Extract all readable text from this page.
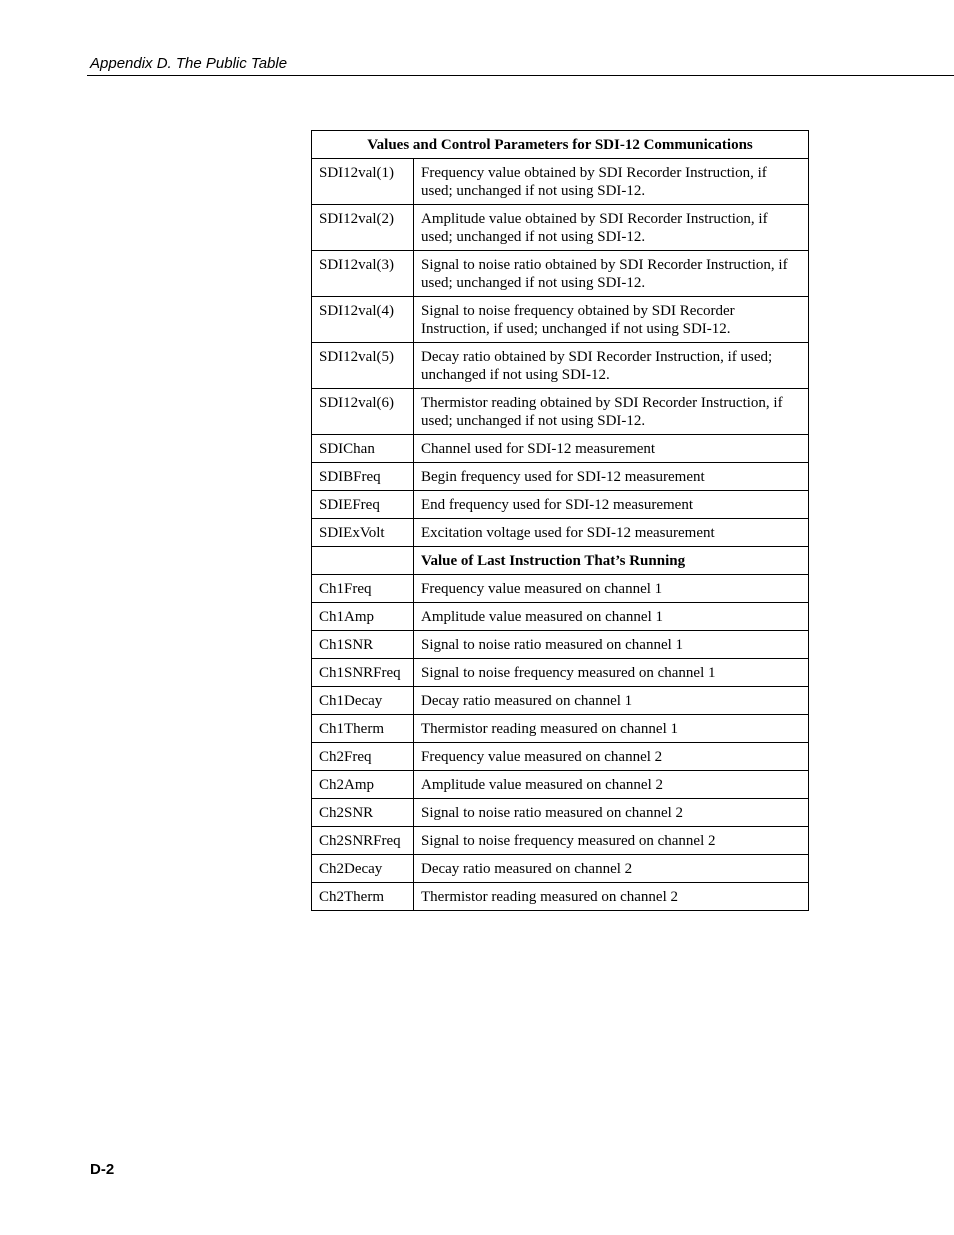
Appendix D. The Public Table
Values and Control Parameters for SDI-12 Communications	
SDI12val(1)	Frequency value obtained by SDI Recorder Instruction, if used; unchanged if not using SDI-12.
SDI12val(2)	Amplitude value obtained by SDI Recorder Instruction, if used; unchanged if not using SDI-12.
SDI12val(3)	Signal to noise ratio obtained by SDI Recorder Instruction, if used; unchanged if not using SDI-12.
SDI12val(4)	Signal to noise frequency obtained by SDI Recorder Instruction, if used; unchanged if not using SDI-12.
SDI12val(5)	Decay ratio obtained by SDI Recorder Instruction, if used; unchanged if not using SDI-12.
SDI12val(6)	Thermistor reading obtained by SDI Recorder Instruction, if used; unchanged if not using SDI-12.
SDIChan	Channel used for SDI-12 measurement
SDIBFreq	Begin frequency used for SDI-12 measurement
SDIEFreq	End frequency used for SDI-12 measurement
SDIExVolt	Excitation voltage used for SDI-12 measurement
	Value of Last Instruction That’s Running
Ch1Freq	Frequency value measured on channel 1
Ch1Amp	Amplitude value measured on channel 1
Ch1SNR	Signal to noise ratio measured on channel 1
Ch1SNRFreq	Signal to noise frequency measured on channel 1
Ch1Decay	Decay ratio measured on channel 1
Ch1Therm	Thermistor reading measured on channel 1
Ch2Freq	Frequency value measured on channel 2
Ch2Amp	Amplitude value measured on channel 2
Ch2SNR	Signal to noise ratio measured on channel 2
Ch2SNRFreq	Signal to noise frequency measured on channel 2
Ch2Decay	Decay ratio measured on channel 2
Ch2Therm	Thermistor reading measured on channel 2
D-2
